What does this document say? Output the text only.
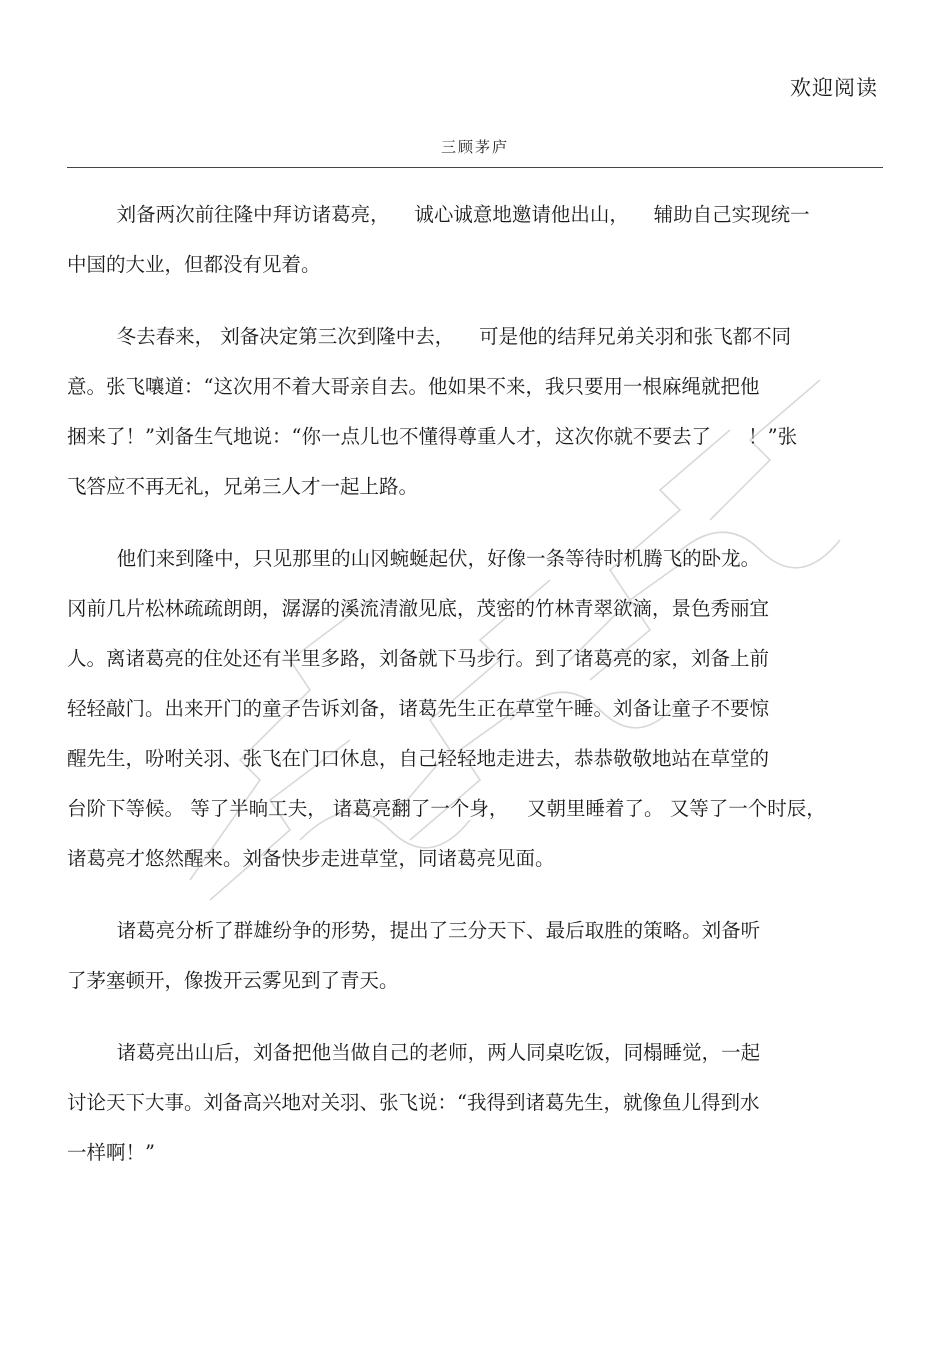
欢迎阅读
三顾茅庐
刘备两次前往隆中拜访诸葛亮，    诚心诚意地邀请他出山，    辅助自己实现统一
中国的大业，但都没有见着。
冬去春来， 刘备决定第三次到隆中去，    可是他的结拜兄弟关羽和张飞都不同
意。张飞嚷道：“这次用不着大哥亲自去。他如果不来，我只要用一根麻绳就把他
捆来了！”刘备生气地说：“你一点儿也不懂得尊重人才，这次你就不要去了      ！”张
飞答应不再无礼，兄弟三人才一起上路。
他们来到隆中，只见那里的山冈蜿蜒起伏，好像一条等待时机腾飞的卧龙。
冈前几片松林疏疏朗朗，潺潺的溪流清澈见底，茂密的竹林青翠欲滴，景色秀丽宜
人。离诸葛亮的住处还有半里多路，刘备就下马步行。到了诸葛亮的家，刘备上前
轻轻敲门。出来开门的童子告诉刘备，诸葛先生正在草堂午睡。刘备让童子不要惊
醒先生，吩咐关羽、张飞在门口休息，自己轻轻地走进去，恭恭敬敬地站在草堂的
台阶下等候。 等了半晌工夫， 诸葛亮翻了一个身，   又朝里睡着了。 又等了一个时辰，
诸葛亮才悠然醒来。刘备快步走进草堂，同诸葛亮见面。
诸葛亮分析了群雄纷争的形势，提出了三分天下、最后取胜的策略。刘备听
了茅塞顿开，像拨开云雾见到了青天。
诸葛亮出山后，刘备把他当做自己的老师，两人同桌吃饭，同榻睡觉，一起
讨论天下大事。刘备高兴地对关羽、张飞说：“我得到诸葛先生，就像鱼儿得到水
一样啊！”
